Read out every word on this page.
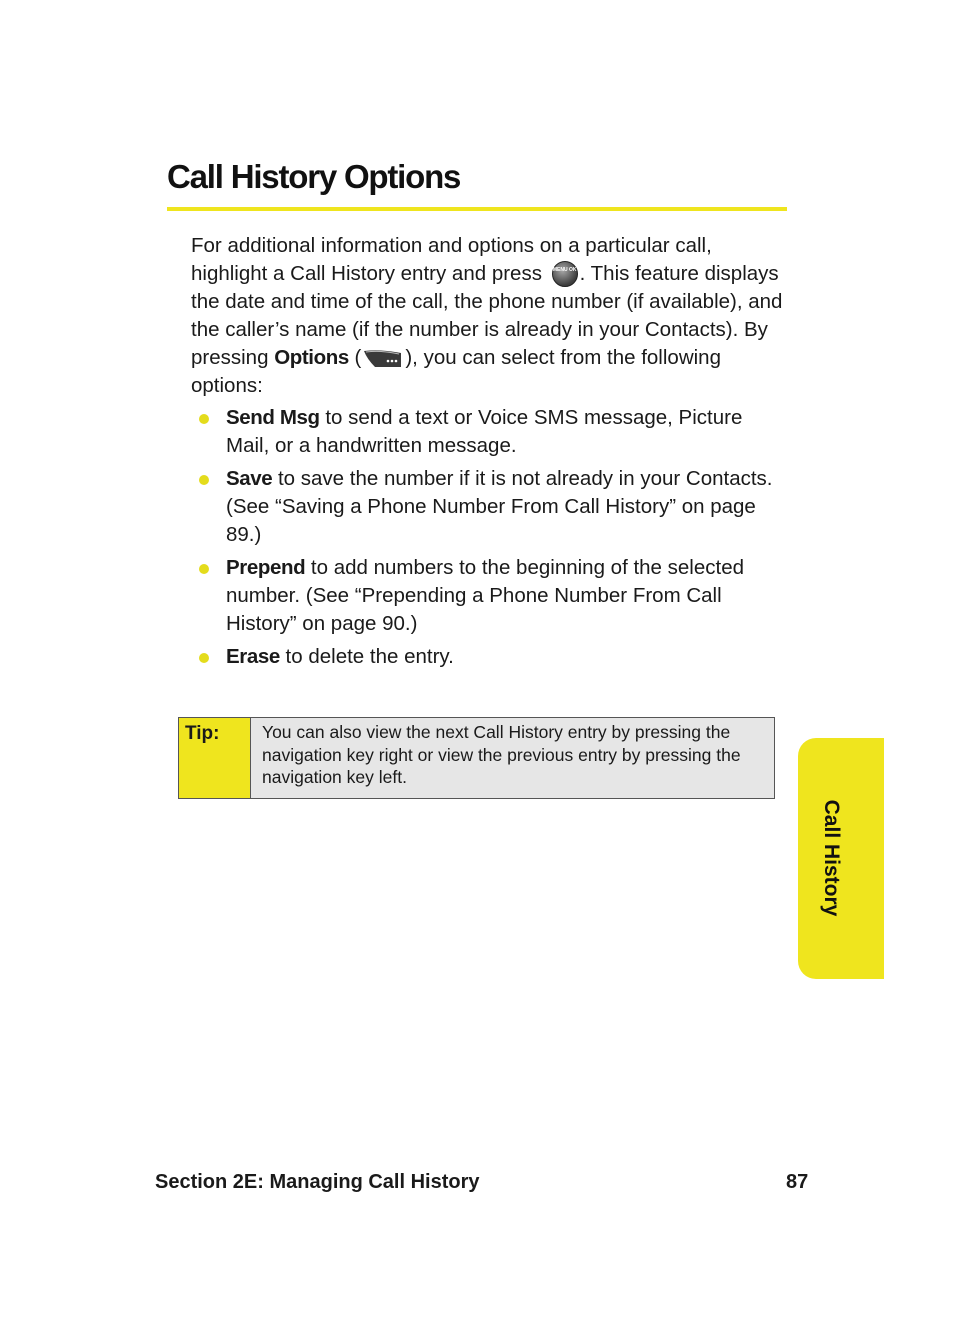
Call History Options

For additional information and options on a particular call,
highlight a Call History entry and press MENU OK . This feature displays the date and time of the call, the phone number (if available), and the caller’s name (if the number is already in your Contacts). By pressing Options ( ), you can select from the following options:

Send Msg to send a text or Voice SMS message, Picture Mail, or a handwritten message.
Save to save the number if it is not already in your Contacts. (See “Saving a Phone Number From Call History” on page 89.)
Prepend to add numbers to the beginning of the selected number. (See “Prepending a Phone Number From Call History” on page 90.)
Erase to delete the entry.
Tip:	You can also view the next Call History entry by pressing the navigation key right or view the previous entry by pressing the navigation key left.
Call History
Section 2E: Managing Call History	87
